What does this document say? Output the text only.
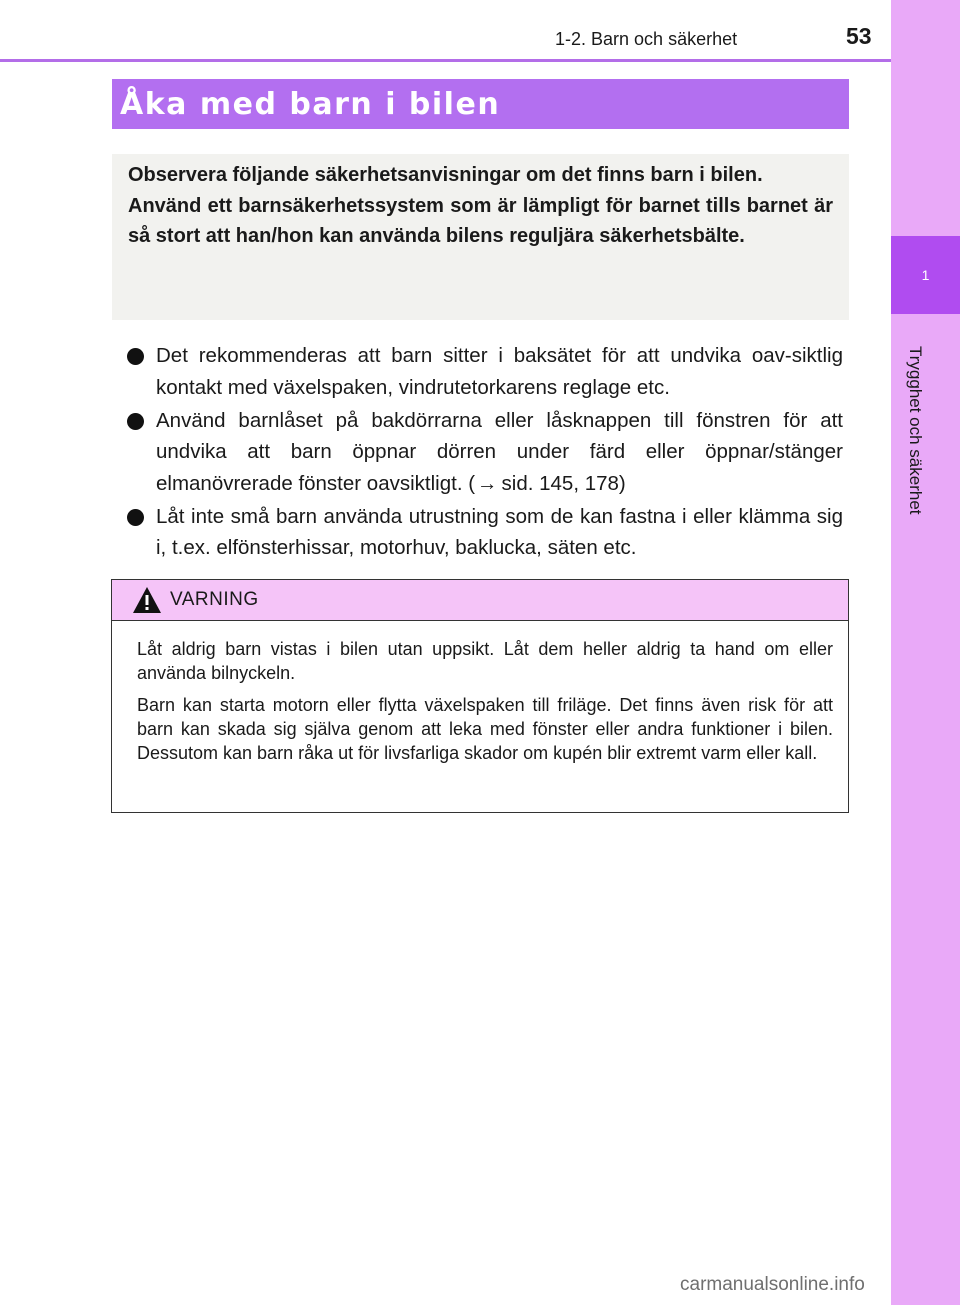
1
Trygghet och säkerhet
1-2. Barn och säkerhet	53
Åka med barn i bilen

Observera följande säkerhetsanvisningar om det finns barn i bilen.

Använd ett barnsäkerhetssystem som är lämpligt för barnet tills barnet är så stort att han/hon kan använda bilens reguljära säkerhetsbälte.

Det rekommenderas att barn sitter i baksätet för att undvika oav-siktlig kontakt med växelspaken, vindrutetorkarens reglage etc.
Använd barnlåset på bakdörrarna eller låsknappen till fönstren för att undvika att barn öppnar dörren under färd eller öppnar/stänger elmanövrerade fönster oavsiktligt. (→ sid. 145, 178)
Låt inte små barn använda utrustning som de kan fastna i eller klämma sig i, t.ex. elfönsterhissar, motorhuv, baklucka, säten etc.
VARNING

Låt aldrig barn vistas i bilen utan uppsikt. Låt dem heller aldrig ta hand om eller använda bilnyckeln.

Barn kan starta motorn eller flytta växelspaken till friläge. Det finns även risk för att barn kan skada sig själva genom att leka med fönster eller andra funktioner i bilen. Dessutom kan barn råka ut för livsfarliga skador om kupén blir extremt varm eller kall.

carmanualsonline.info
